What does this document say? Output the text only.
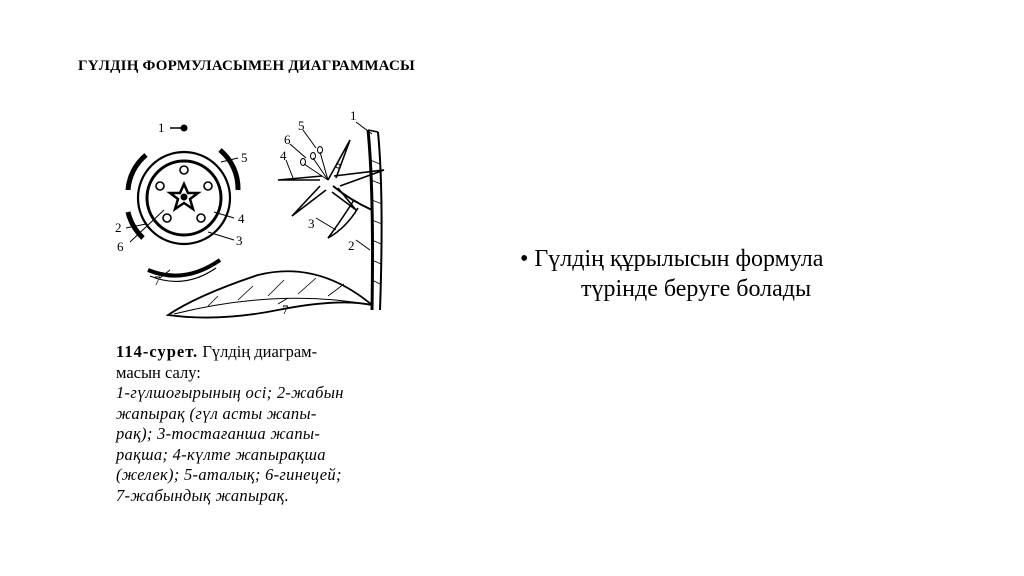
ГҮЛДІҢ ФОРМУЛАСЫМЕН ДИАГРАММАСЫ
1
2
3
4
5
6
7
1
2
3
4
5
6
7
114-сурет. Гүлдің диаграм-
масын салу:
1-гүлшоғырының осі; 2-жабын
жапырақ (гүл асты жапы-
рақ); 3-тостағанша жапы-
рақша; 4-күлте жапырақша
(желек); 5-аталық; 6-гинецей;
7-жабындық жапырақ.
• Гүлдің құрылысын формула
түрінде беруге болады
